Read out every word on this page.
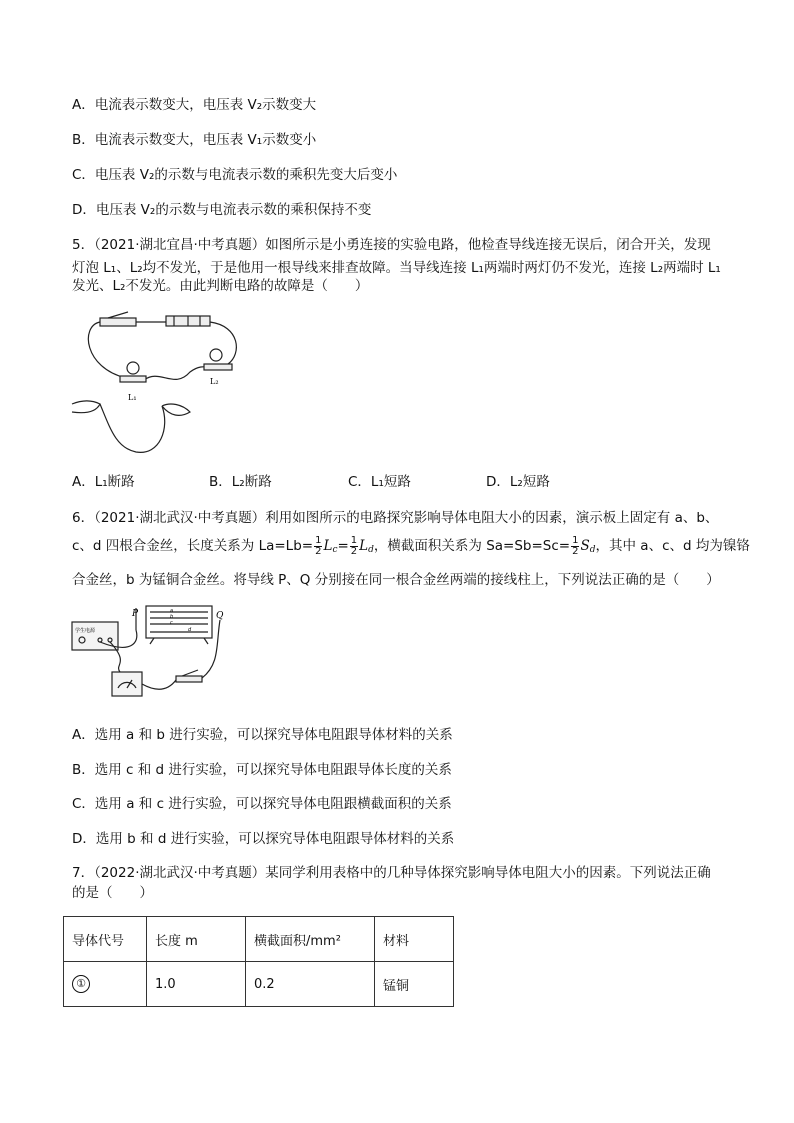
A．电流表示数变大，电压表 V₂示数变大
B．电流表示数变大，电压表 V₁示数变小
C．电压表 V₂的示数与电流表示数的乘积先变大后变小
D．电压表 V₂的示数与电流表示数的乘积保持不变
5．（2021·湖北宜昌·中考真题）如图所示是小勇连接的实验电路，他检查导线连接无误后，闭合开关，发现
灯泡 L₁、L₂均不发光，于是他用一根导线来排查故障。当导线连接 L₁两端时两灯仍不发光，连接 L₂两端时 L₁
发光、L₂不发光。由此判断电路的故障是（　　）
L₁
L₂
A．L₁断路	B．L₂断路	C．L₁短路	D．L₂短路
6．（2021·湖北武汉·中考真题）利用如图所示的电路探究影响导体电阻大小的因素，演示板上固定有 a、b、
c、d 四根合金丝，长度关系为 $La=Lb= \frac{1}{2} L_c= \frac{1}{2} L_d$，横截面积关系为 $Sa=Sb=Sc= \frac{1}{2} S_d$，其中 a、c、d 均为镍铬
合金丝，b 为锰铜合金丝。将导线 P、Q 分别接在同一根合金丝两端的接线柱上，下列说法正确的是（　　）
P	Q
学生电源
a
b
c
d
A．选用 a 和 b 进行实验，可以探究导体电阻跟导体材料的关系
B．选用 c 和 d 进行实验，可以探究导体电阻跟导体长度的关系
C．选用 a 和 c 进行实验，可以探究导体电阻跟横截面积的关系
D．选用 b 和 d 进行实验，可以探究导体电阻跟导体材料的关系
7．（2022·湖北武汉·中考真题）某同学利用表格中的几种导体探究影响导体电阻大小的因素。下列说法正确
的是（　　）
导体代号	长度 m	横截面积/mm²	材料
①	1.0	0.2	锰铜
